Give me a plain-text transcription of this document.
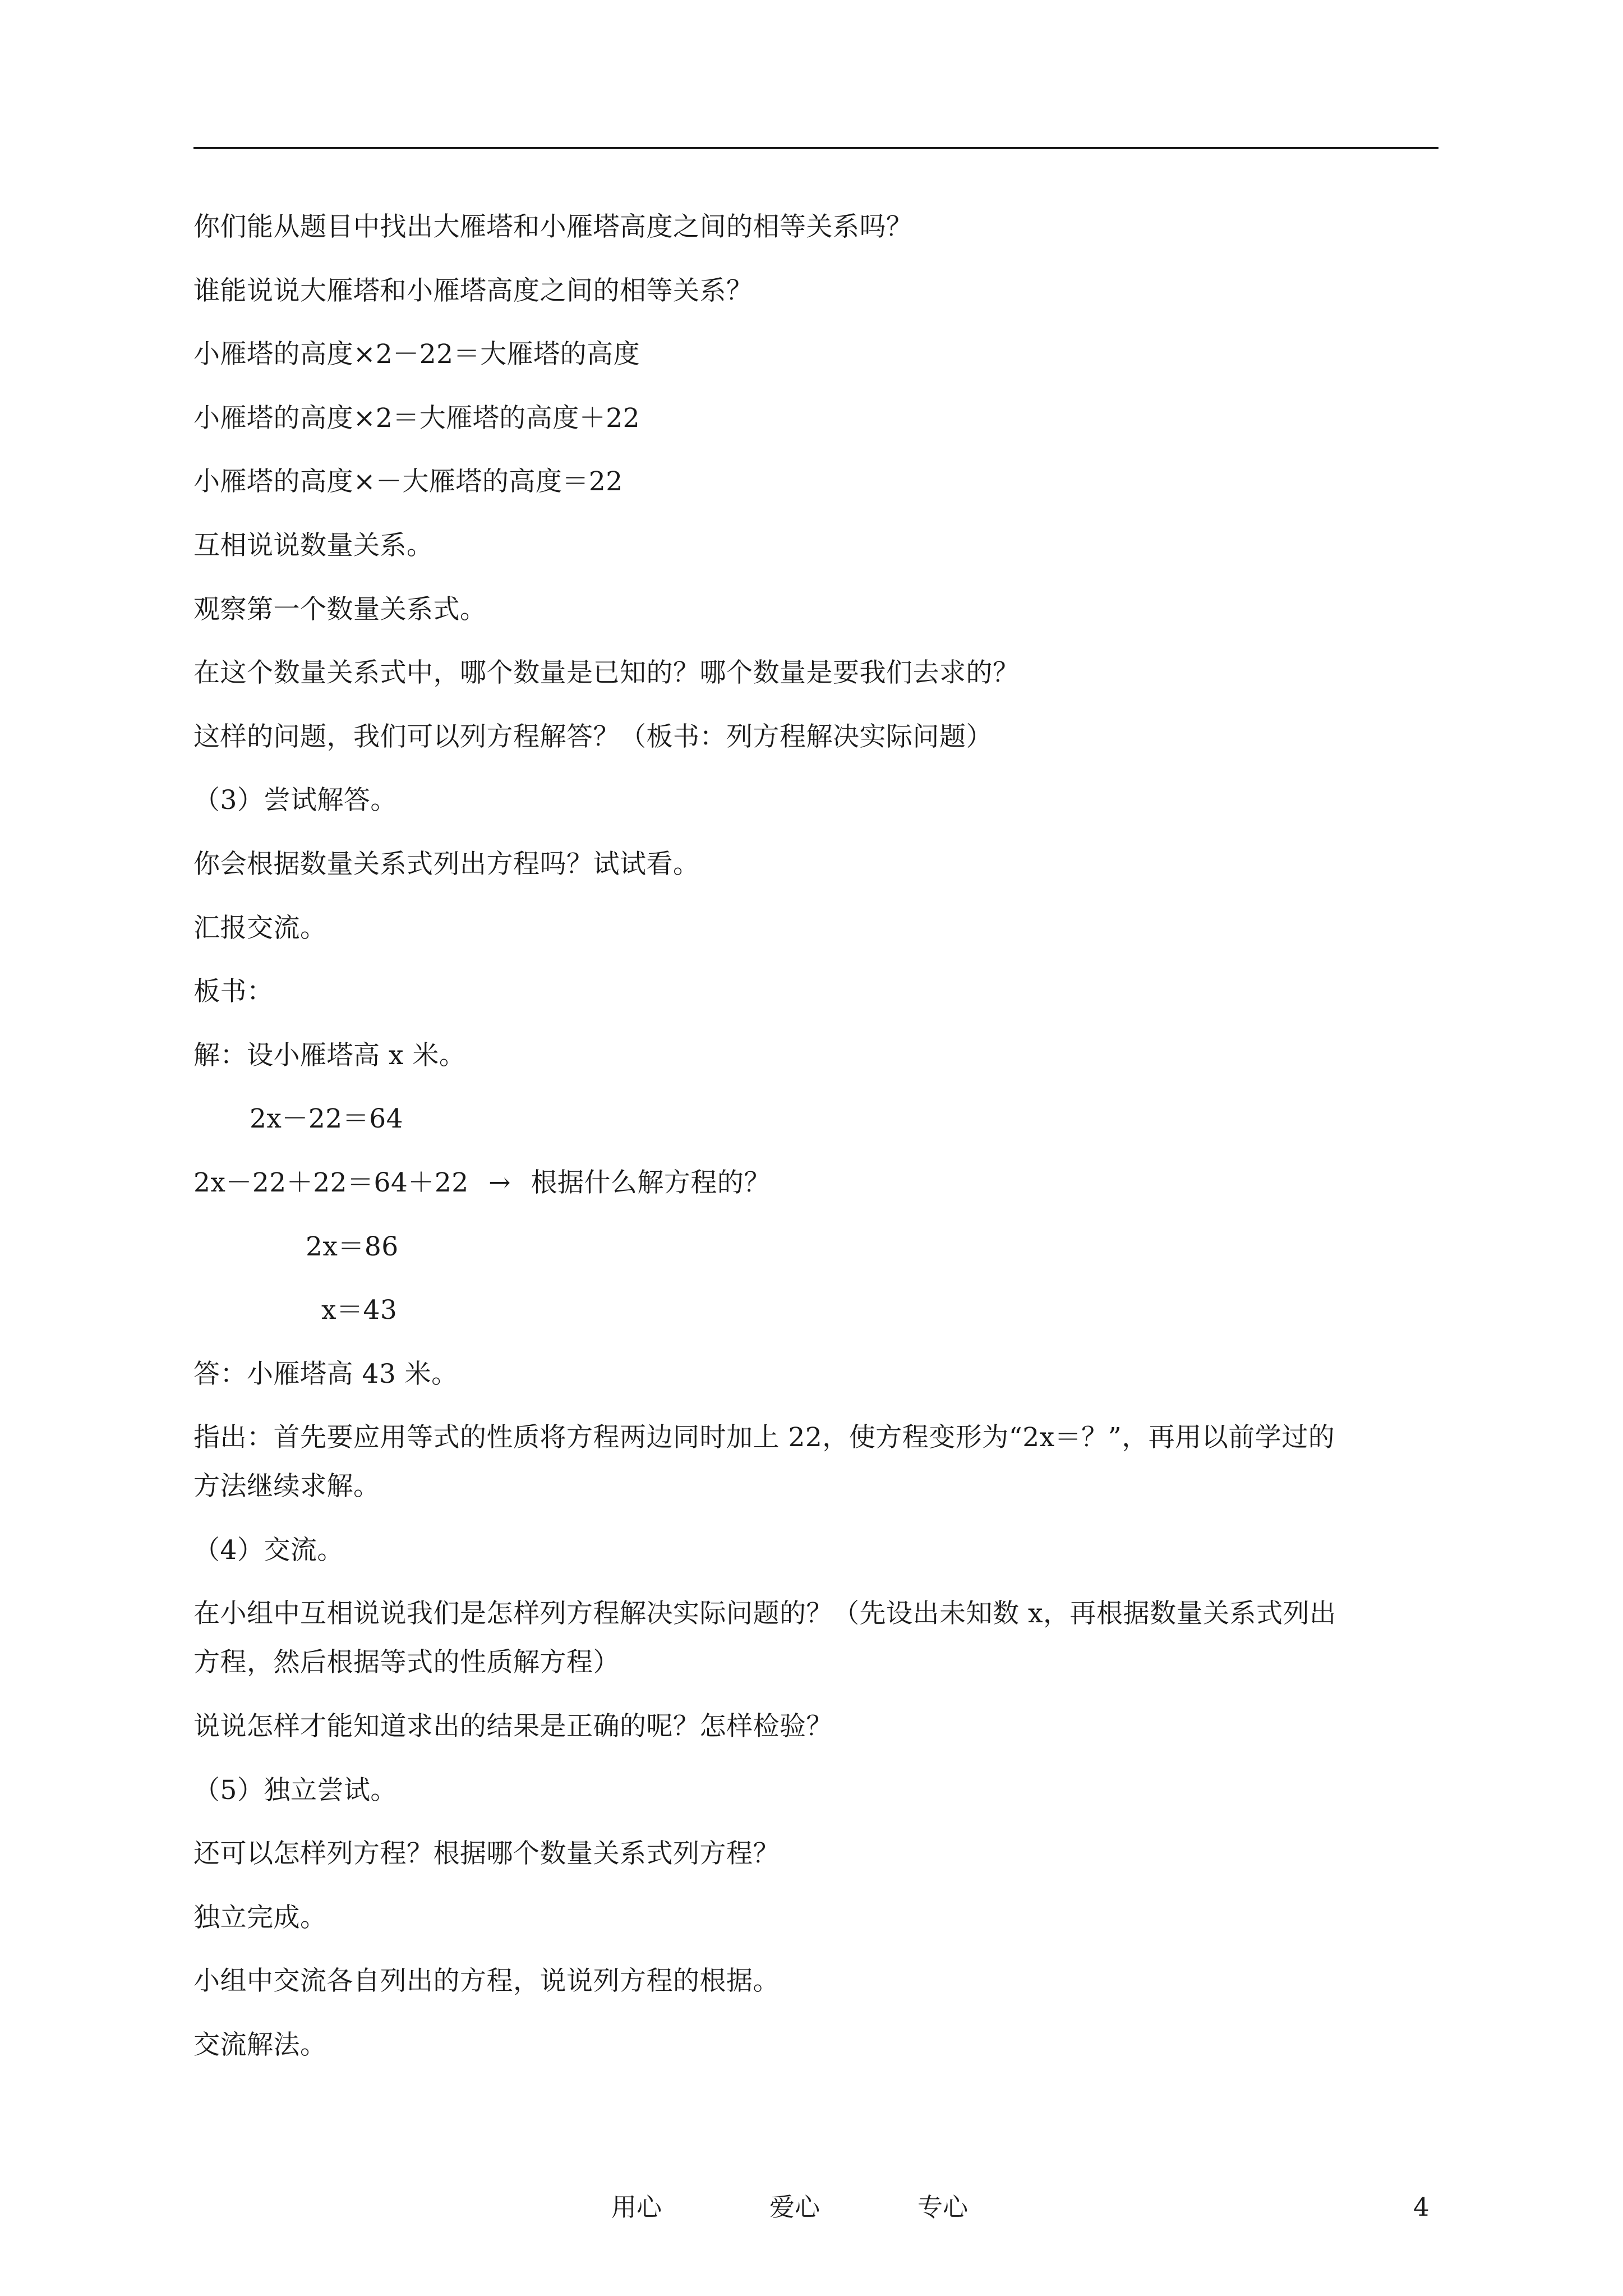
你们能从题目中找出大雁塔和小雁塔高度之间的相等关系吗？
谁能说说大雁塔和小雁塔高度之间的相等关系？
小雁塔的高度×2－22＝大雁塔的高度
小雁塔的高度×2＝大雁塔的高度＋22
小雁塔的高度×－大雁塔的高度＝22
互相说说数量关系。
观察第一个数量关系式。
在这个数量关系式中，哪个数量是已知的？哪个数量是要我们去求的？
这样的问题，我们可以列方程解答？（板书：列方程解决实际问题）
（3）尝试解答。
你会根据数量关系式列出方程吗？试试看。
汇报交流。
板书：
解：设小雁塔高 x 米。
2x－22＝64
2x－22＋22＝64＋22 → 根据什么解方程的？
2x＝86
x＝43
答：小雁塔高 43 米。
指出：首先要应用等式的性质将方程两边同时加上 22，使方程变形为“2x＝？”，再用以前学过的
方法继续求解。
（4）交流。
在小组中互相说说我们是怎样列方程解决实际问题的？（先设出未知数 x，再根据数量关系式列出
方程，然后根据等式的性质解方程）
说说怎样才能知道求出的结果是正确的呢？怎样检验？
（5）独立尝试。
还可以怎样列方程？根据哪个数量关系式列方程？
独立完成。
小组中交流各自列出的方程，说说列方程的根据。
交流解法。
用心	爱心	专心	4
